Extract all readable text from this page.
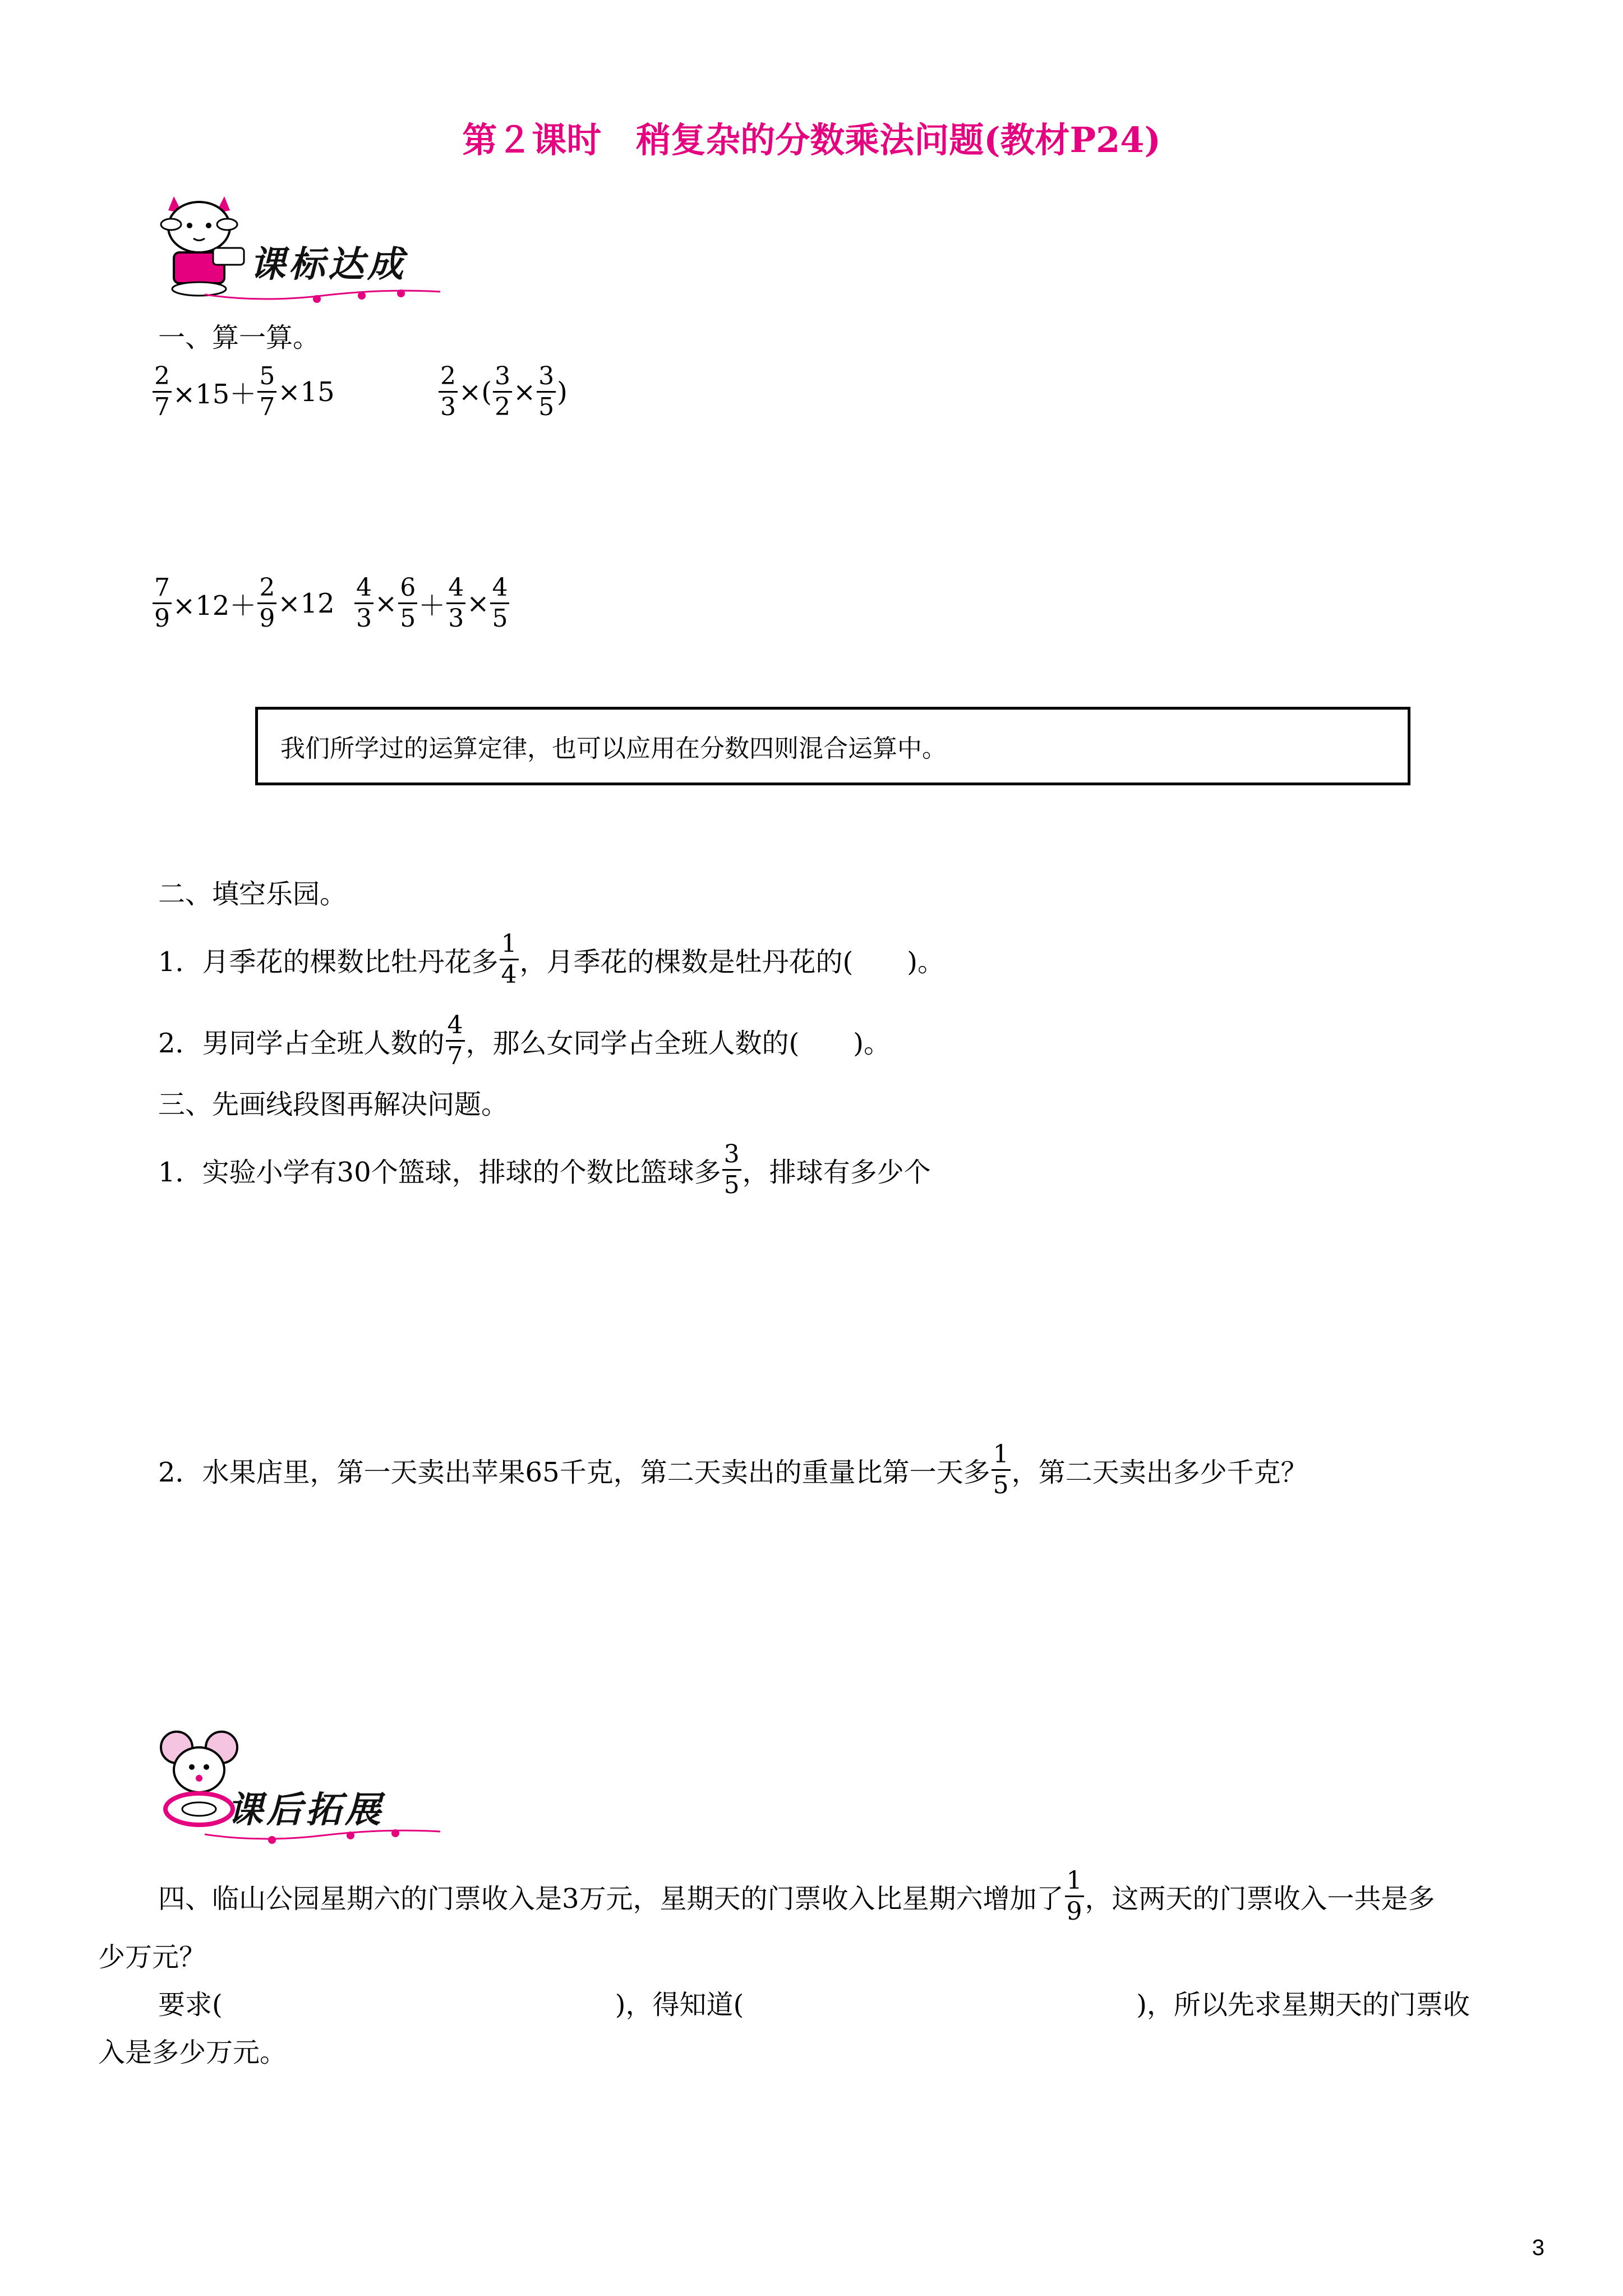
第２课时　稍复杂的分数乘法问题(教材P24)
课标达成
一、算一算。
$\frac{2}{7} \times 15+ \frac{5}{7} \times 15$	$\frac{2}{3}$ ×( $\frac{3}{2} \times \frac{3}{5}$ )
$\frac{7}{9} \times 12+ \frac{2}{9} \times 12 \frac{4}{3} \times \frac{6}{5} + \frac{4}{3} \times \frac{4}{5}$
我们所学过的运算定律，也可以应用在分数四则混合运算中。
二、填空乐园。
1．月季花的棵数比牡丹花多 $\frac{1}{4}$ ，月季花的棵数是牡丹花的(　　)。
2．男同学占全班人数的 $\frac{4}{7}$ ，那么女同学占全班人数的(　　)。
三、先画线段图再解决问题。
1．实验小学有30个篮球，排球的个数比篮球多 $\frac{3}{5}$ ，排球有多少个
2．水果店里，第一天卖出苹果65千克，第二天卖出的重量比第一天多 $\frac{1}{5}$ ，第二天卖出多少千克？
课后拓展
四、临山公园星期六的门票收入是3万元，星期天的门票收入比星期六增加了 $\frac{1}{9}$ ，这两天的门票收入一共是多
少万元？
要求(	)，得知道(	)，所以先求星期天的门票收
入是多少万元。
3
